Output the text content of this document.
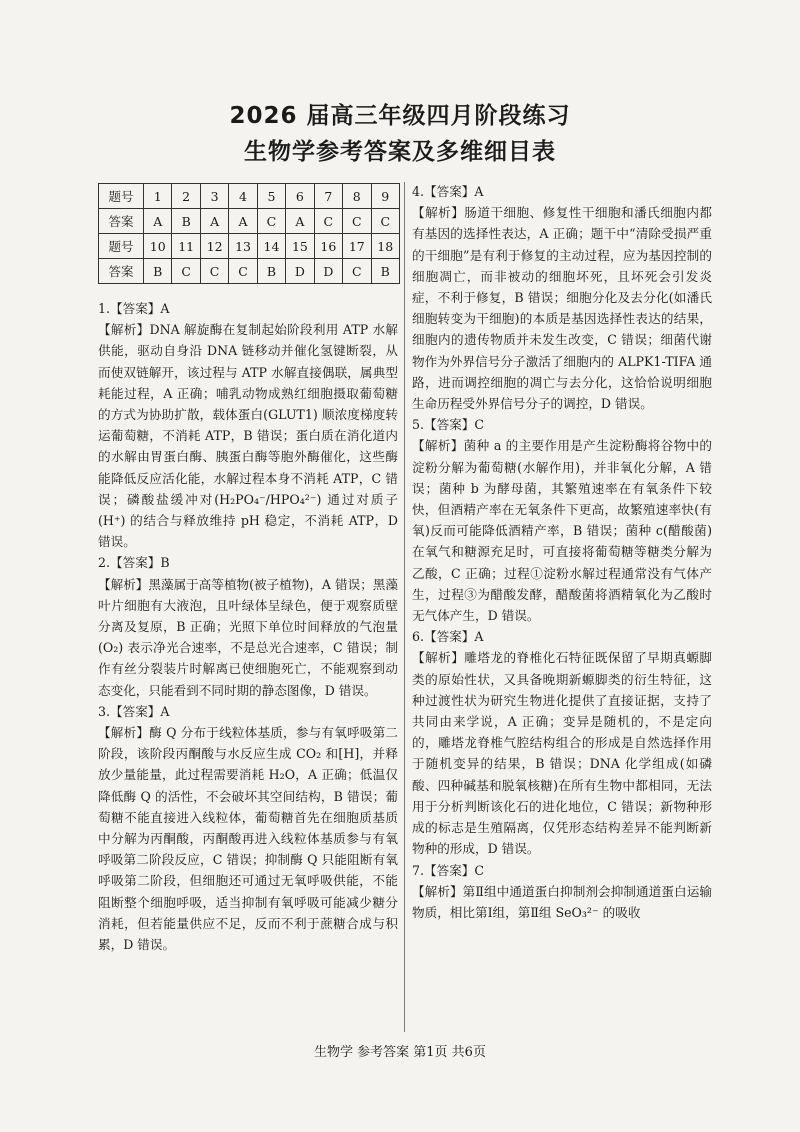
2026 届高三年级四月阶段练习
生物学参考答案及多维细目表
题号	1	2	3	4	5	6	7	8	9
答案	A	B	A	A	C	A	C	C	C
题号	10	11	12	13	14	15	16	17	18
答案	B	C	C	C	B	D	D	C	B
1.【答案】A
【解析】DNA 解旋酶在复制起始阶段利用 ATP 水解供能，驱动自身沿 DNA 链移动并催化氢键断裂，从而使双链解开，该过程与 ATP 水解直接偶联，属典型耗能过程，A 正确；哺乳动物成熟红细胞摄取葡萄糖的方式为协助扩散，载体蛋白(GLUT1) 顺浓度梯度转运葡萄糖，不消耗 ATP，B 错误；蛋白质在消化道内的水解由胃蛋白酶、胰蛋白酶等胞外酶催化，这些酶能降低反应活化能，水解过程本身不消耗 ATP，C 错误；磷酸盐缓冲对(H₂PO₄⁻/HPO₄²⁻) 通过对质子(H⁺) 的结合与释放维持 pH 稳定，不消耗 ATP，D 错误。
2.【答案】B
【解析】黑藻属于高等植物(被子植物)，A 错误；黑藻叶片细胞有大液泡，且叶绿体呈绿色，便于观察质壁分离及复原，B 正确；光照下单位时间释放的气泡量(O₂) 表示净光合速率，不是总光合速率，C 错误；制作有丝分裂装片时解离已使细胞死亡，不能观察到动态变化，只能看到不同时期的静态图像，D 错误。
3.【答案】A
【解析】酶 Q 分布于线粒体基质，参与有氧呼吸第二阶段，该阶段丙酮酸与水反应生成 CO₂ 和[H]，并释放少量能量，此过程需要消耗 H₂O，A 正确；低温仅降低酶 Q 的活性，不会破坏其空间结构，B 错误；葡萄糖不能直接进入线粒体，葡萄糖首先在细胞质基质中分解为丙酮酸，丙酮酸再进入线粒体基质参与有氧呼吸第二阶段反应，C 错误；抑制酶 Q 只能阻断有氧呼吸第二阶段，但细胞还可通过无氧呼吸供能，不能阻断整个细胞呼吸，适当抑制有氧呼吸可能减少糖分消耗，但若能量供应不足，反而不利于蔗糖合成与积累，D 错误。
4.【答案】A
【解析】肠道干细胞、修复性干细胞和潘氏细胞内都有基因的选择性表达，A 正确；题干中“清除受损严重的干细胞”是有利于修复的主动过程，应为基因控制的细胞凋亡，而非被动的细胞坏死，且坏死会引发炎症，不利于修复，B 错误；细胞分化及去分化(如潘氏细胞转变为干细胞)的本质是基因选择性表达的结果，细胞内的遗传物质并未发生改变，C 错误；细菌代谢物作为外界信号分子激活了细胞内的 ALPK1-TIFA 通路，进而调控细胞的凋亡与去分化，这恰恰说明细胞生命历程受外界信号分子的调控，D 错误。
5.【答案】C
【解析】菌种 a 的主要作用是产生淀粉酶将谷物中的淀粉分解为葡萄糖(水解作用)，并非氧化分解，A 错误；菌种 b 为酵母菌，其繁殖速率在有氧条件下较快，但酒精产率在无氧条件下更高，故繁殖速率快(有氧)反而可能降低酒精产率，B 错误；菌种 c(醋酸菌)在氧气和糖源充足时，可直接将葡萄糖等糖类分解为乙酸，C 正确；过程①淀粉水解过程通常没有气体产生，过程③为醋酸发酵，醋酸菌将酒精氧化为乙酸时无气体产生，D 错误。
6.【答案】A
【解析】雕塔龙的脊椎化石特征既保留了早期真螈脚类的原始性状，又具备晚期新螈脚类的衍生特征，这种过渡性状为研究生物进化提供了直接证据，支持了共同由来学说，A 正确；变异是随机的，不是定向的，雕塔龙脊椎气腔结构组合的形成是自然选择作用于随机变异的结果，B 错误；DNA 化学组成(如磷酸、四种碱基和脱氧核糖)在所有生物中都相同，无法用于分析判断该化石的进化地位，C 错误；新物种形成的标志是生殖隔离，仅凭形态结构差异不能判断新物种的形成，D 错误。
7.【答案】C
【解析】第Ⅱ组中通道蛋白抑制剂会抑制通道蛋白运输物质，相比第Ⅰ组，第Ⅱ组 SeO₃²⁻ 的吸收
生物学 参考答案 第1页 共6页
